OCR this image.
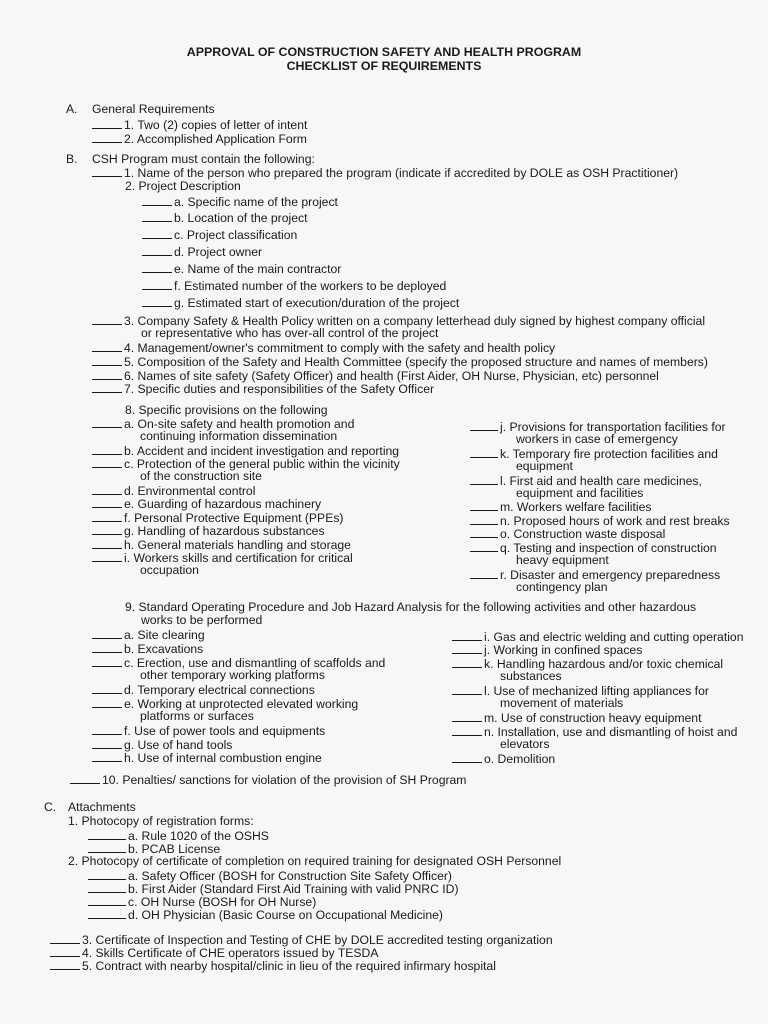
APPROVAL OF CONSTRUCTION SAFETY AND HEALTH PROGRAM
CHECKLIST OF REQUIREMENTS
A. General Requirements
1. Two (2) copies of letter of intent
2. Accomplished Application Form
B. CSH Program must contain the following:
1. Name of the person who prepared the program (indicate if accredited by DOLE as OSH Practitioner)
2. Project Description
a. Specific name of the project
b. Location of the project
c. Project classification
d. Project owner
e. Name of the main contractor
f. Estimated number of the workers to be deployed
g. Estimated start of execution/duration of the project
3. Company Safety & Health Policy written on a company letterhead duly signed by highest company official
or representative who has over-all control of the project
4. Management/owner's commitment to comply with the safety and health policy
5. Composition of the Safety and Health Committee (specify the proposed structure and names of members)
6. Names of site safety (Safety Officer) and health (First Aider, OH Nurse, Physician, etc) personnel
7. Specific duties and responsibilities of the Safety Officer
8. Specific provisions on the following
a. On-site safety and health promotion and
continuing information dissemination
b. Accident and incident investigation and reporting
c. Protection of the general public within the vicinity
of the construction site
d. Environmental control
e. Guarding of hazardous machinery
f. Personal Protective Equipment (PPEs)
g. Handling of hazardous substances
h. General materials handling and storage
i. Workers skills and certification for critical
occupation
j. Provisions for transportation facilities for
workers in case of emergency
k. Temporary fire protection facilities and
equipment
l. First aid and health care medicines,
equipment and facilities
m. Workers welfare facilities
n. Proposed hours of work and rest breaks
o. Construction waste disposal
q. Testing and inspection of construction
heavy equipment
r. Disaster and emergency preparedness
contingency plan
9. Standard Operating Procedure and Job Hazard Analysis for the following activities and other hazardous
works to be performed
a. Site clearing
b. Excavations
c. Erection, use and dismantling of scaffolds and
other temporary working platforms
d. Temporary electrical connections
e. Working at unprotected elevated working
platforms or surfaces
f. Use of power tools and equipments
g. Use of hand tools
h. Use of internal combustion engine
i. Gas and electric welding and cutting operation
j. Working in confined spaces
k. Handling hazardous and/or toxic chemical
substances
l. Use of mechanized lifting appliances for
movement of materials
m. Use of construction heavy equipment
n. Installation, use and dismantling of hoist and
elevators
o. Demolition
10. Penalties/ sanctions for violation of the provision of SH Program
C. Attachments
1. Photocopy of registration forms:
a. Rule 1020 of the OSHS
b. PCAB License
2. Photocopy of certificate of completion on required training for designated OSH Personnel
a. Safety Officer (BOSH for Construction Site Safety Officer)
b. First Aider (Standard First Aid Training with valid PNRC ID)
c. OH Nurse (BOSH for OH Nurse)
d. OH Physician (Basic Course on Occupational Medicine)
3. Certificate of Inspection and Testing of CHE by DOLE accredited testing organization
4. Skills Certificate of CHE operators issued by TESDA
5. Contract with nearby hospital/clinic in lieu of the required infirmary hospital
